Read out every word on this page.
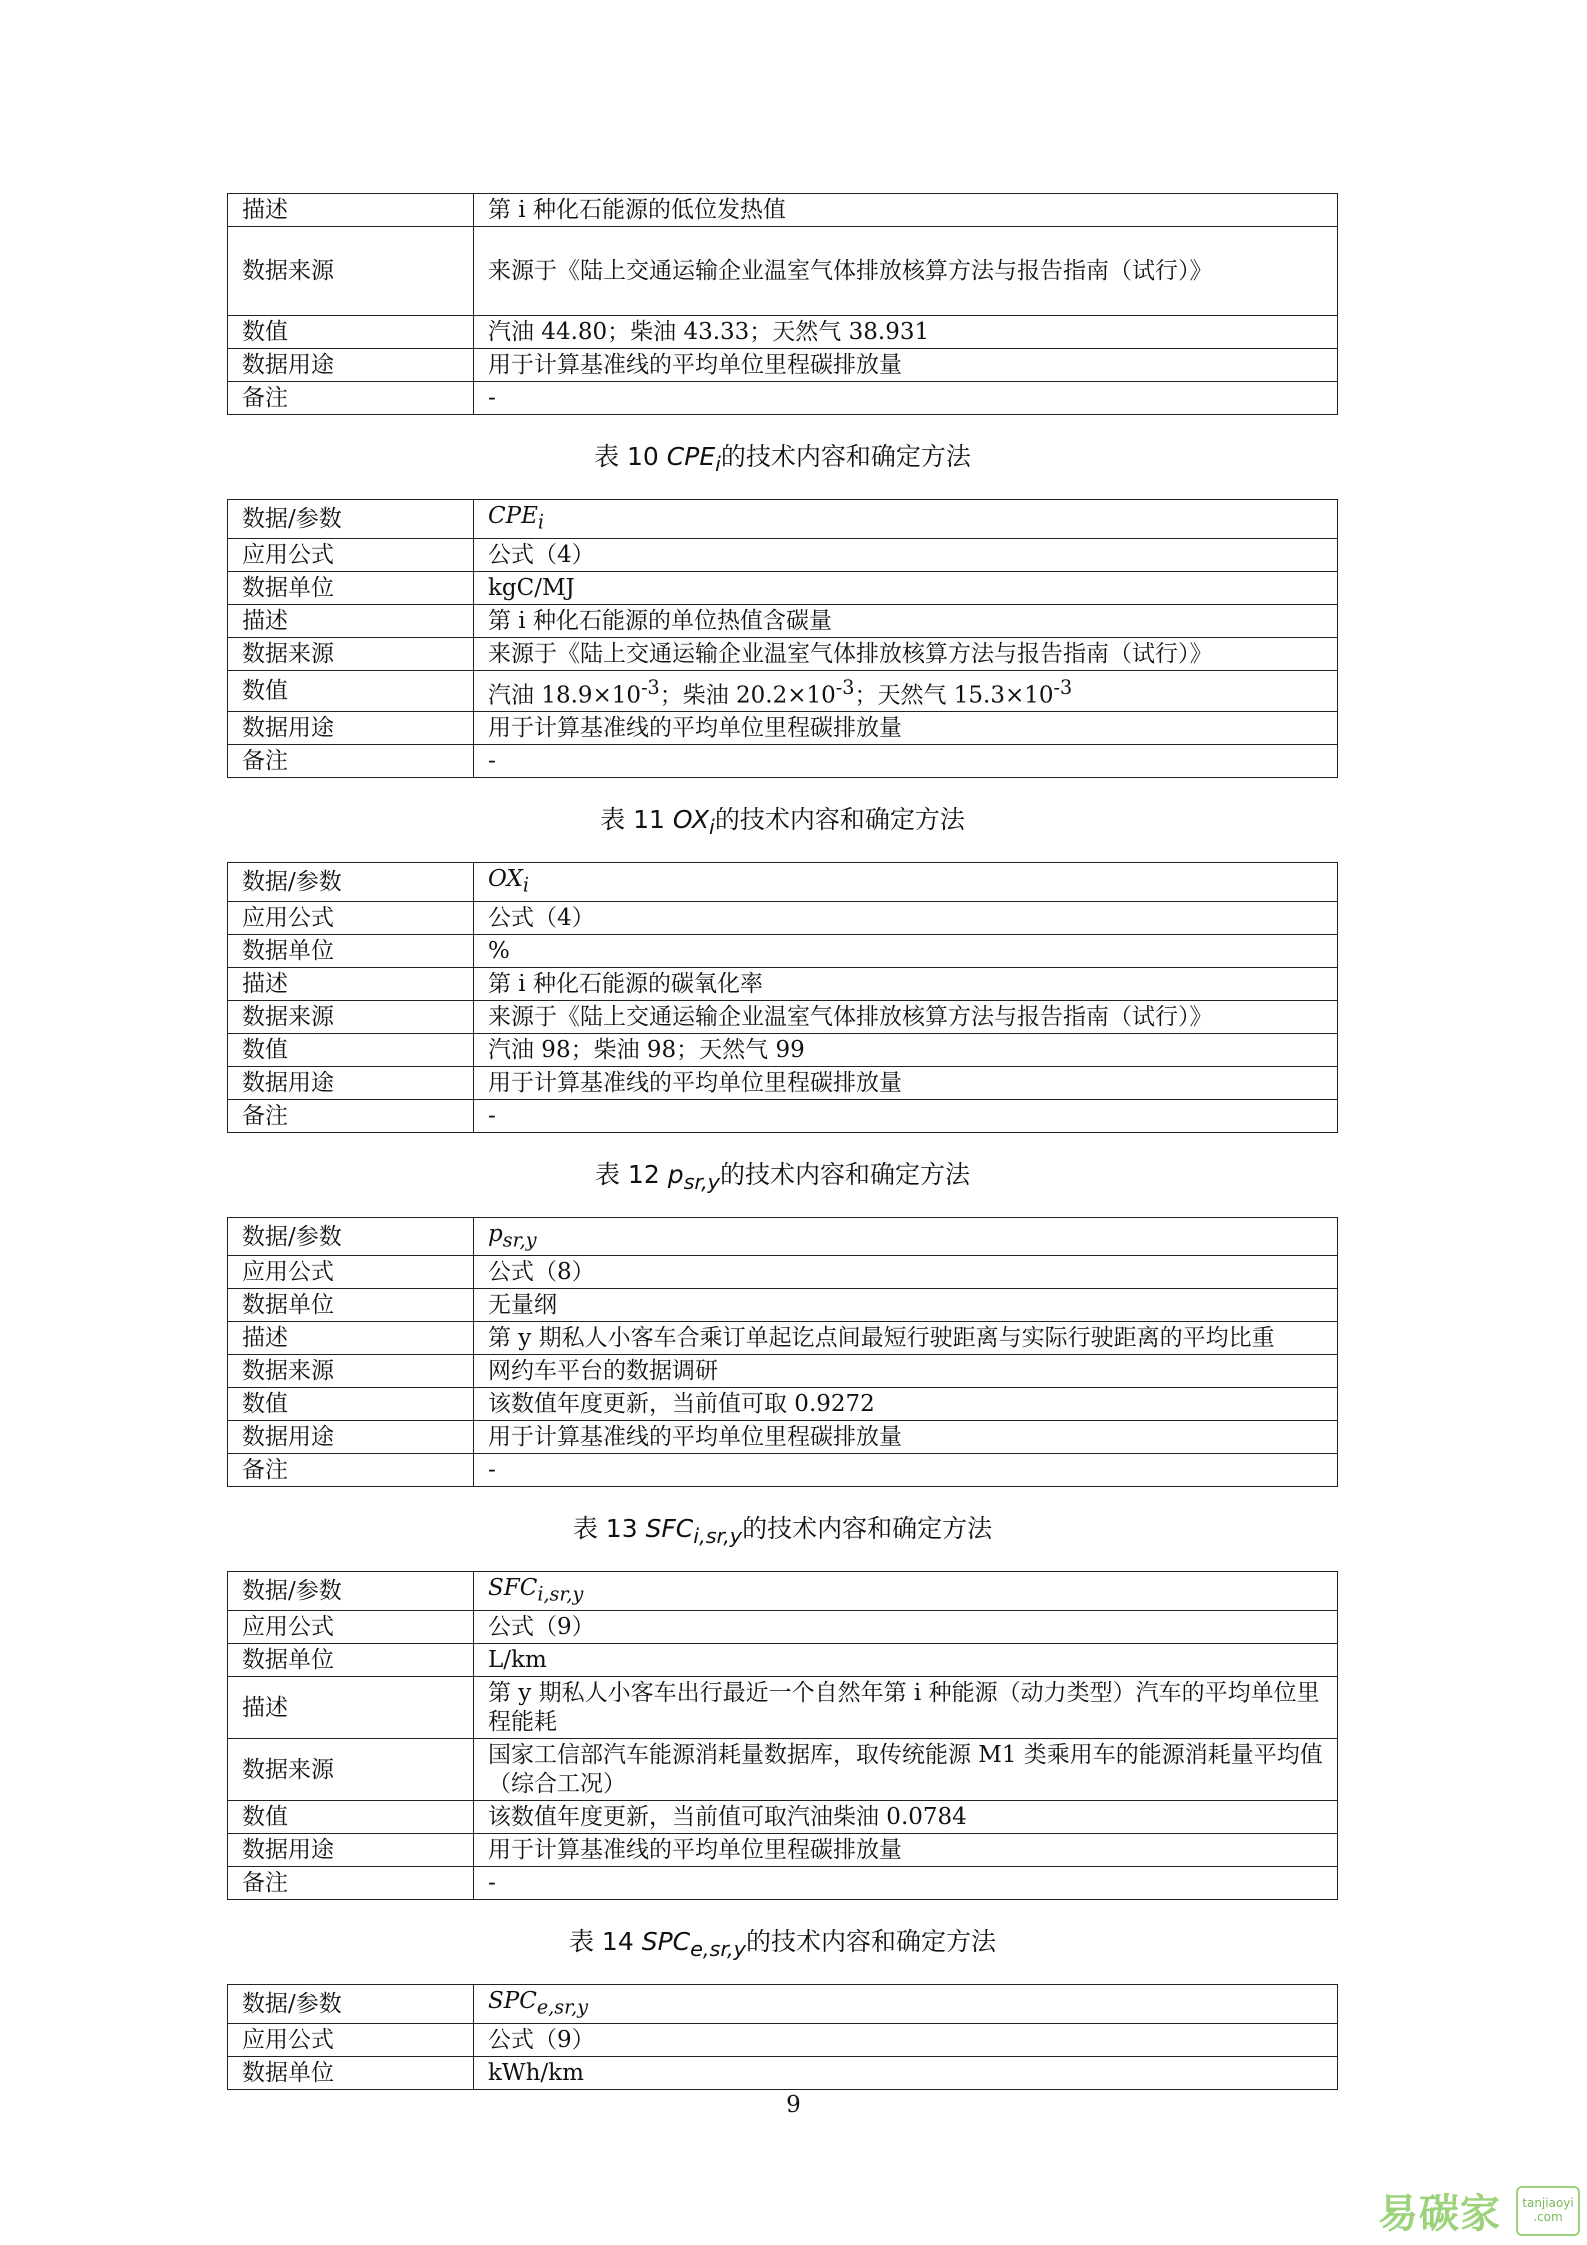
描述	第 i 种化石能源的低位发热值
数据来源	来源于《陆上交通运输企业温室气体排放核算方法与报告指南（试行）》
数值	汽油 44.80；柴油 43.33；天然气 38.931
数据用途	用于计算基准线的平均单位里程碳排放量
备注	-
表 10 $CPE_i$的技术内容和确定方法
数据/参数	$CPE_i$
应用公式	公式（4）
数据单位	kgC/MJ
描述	第 i 种化石能源的单位热值含碳量
数据来源	来源于《陆上交通运输企业温室气体排放核算方法与报告指南（试行）》
数值	汽油 $18.9\times 10^{-3}$；柴油 $20.2\times 10^{-3}$；天然气 $15.3\times 10^{-3}$
数据用途	用于计算基准线的平均单位里程碳排放量
备注	-
表 11 $OX_i$的技术内容和确定方法
数据/参数	$OX_i$
应用公式	公式（4）
数据单位	%
描述	第 i 种化石能源的碳氧化率
数据来源	来源于《陆上交通运输企业温室气体排放核算方法与报告指南（试行）》
数值	汽油 98；柴油 98；天然气 99
数据用途	用于计算基准线的平均单位里程碳排放量
备注	-
表 12 $p_{sr,y}$的技术内容和确定方法
数据/参数	$p_{sr,y}$
应用公式	公式（8）
数据单位	无量纲
描述	第 y 期私人小客车合乘订单起讫点间最短行驶距离与实际行驶距离的平均比重
数据来源	网约车平台的数据调研
数值	该数值年度更新，当前值可取 0.9272
数据用途	用于计算基准线的平均单位里程碳排放量
备注	-
表 13 $SFC_{i,sr,y}$的技术内容和确定方法
数据/参数	$SFC_{i,sr,y}$
应用公式	公式（9）
数据单位	L/km
描述	第 y 期私人小客车出行最近一个自然年第 i 种能源（动力类型）汽车的平均单位里程能耗
数据来源	国家工信部汽车能源消耗量数据库，取传统能源 M1 类乘用车的能源消耗量平均值（综合工况）
数值	该数值年度更新，当前值可取汽油柴油 0.0784
数据用途	用于计算基准线的平均单位里程碳排放量
备注	-
表 14 $SPC_{e,sr,y}$的技术内容和确定方法
数据/参数	$SPC_{e,sr,y}$
应用公式	公式（9）
数据单位	kWh/km
9
易碳家	tanjiaoyi
.com
